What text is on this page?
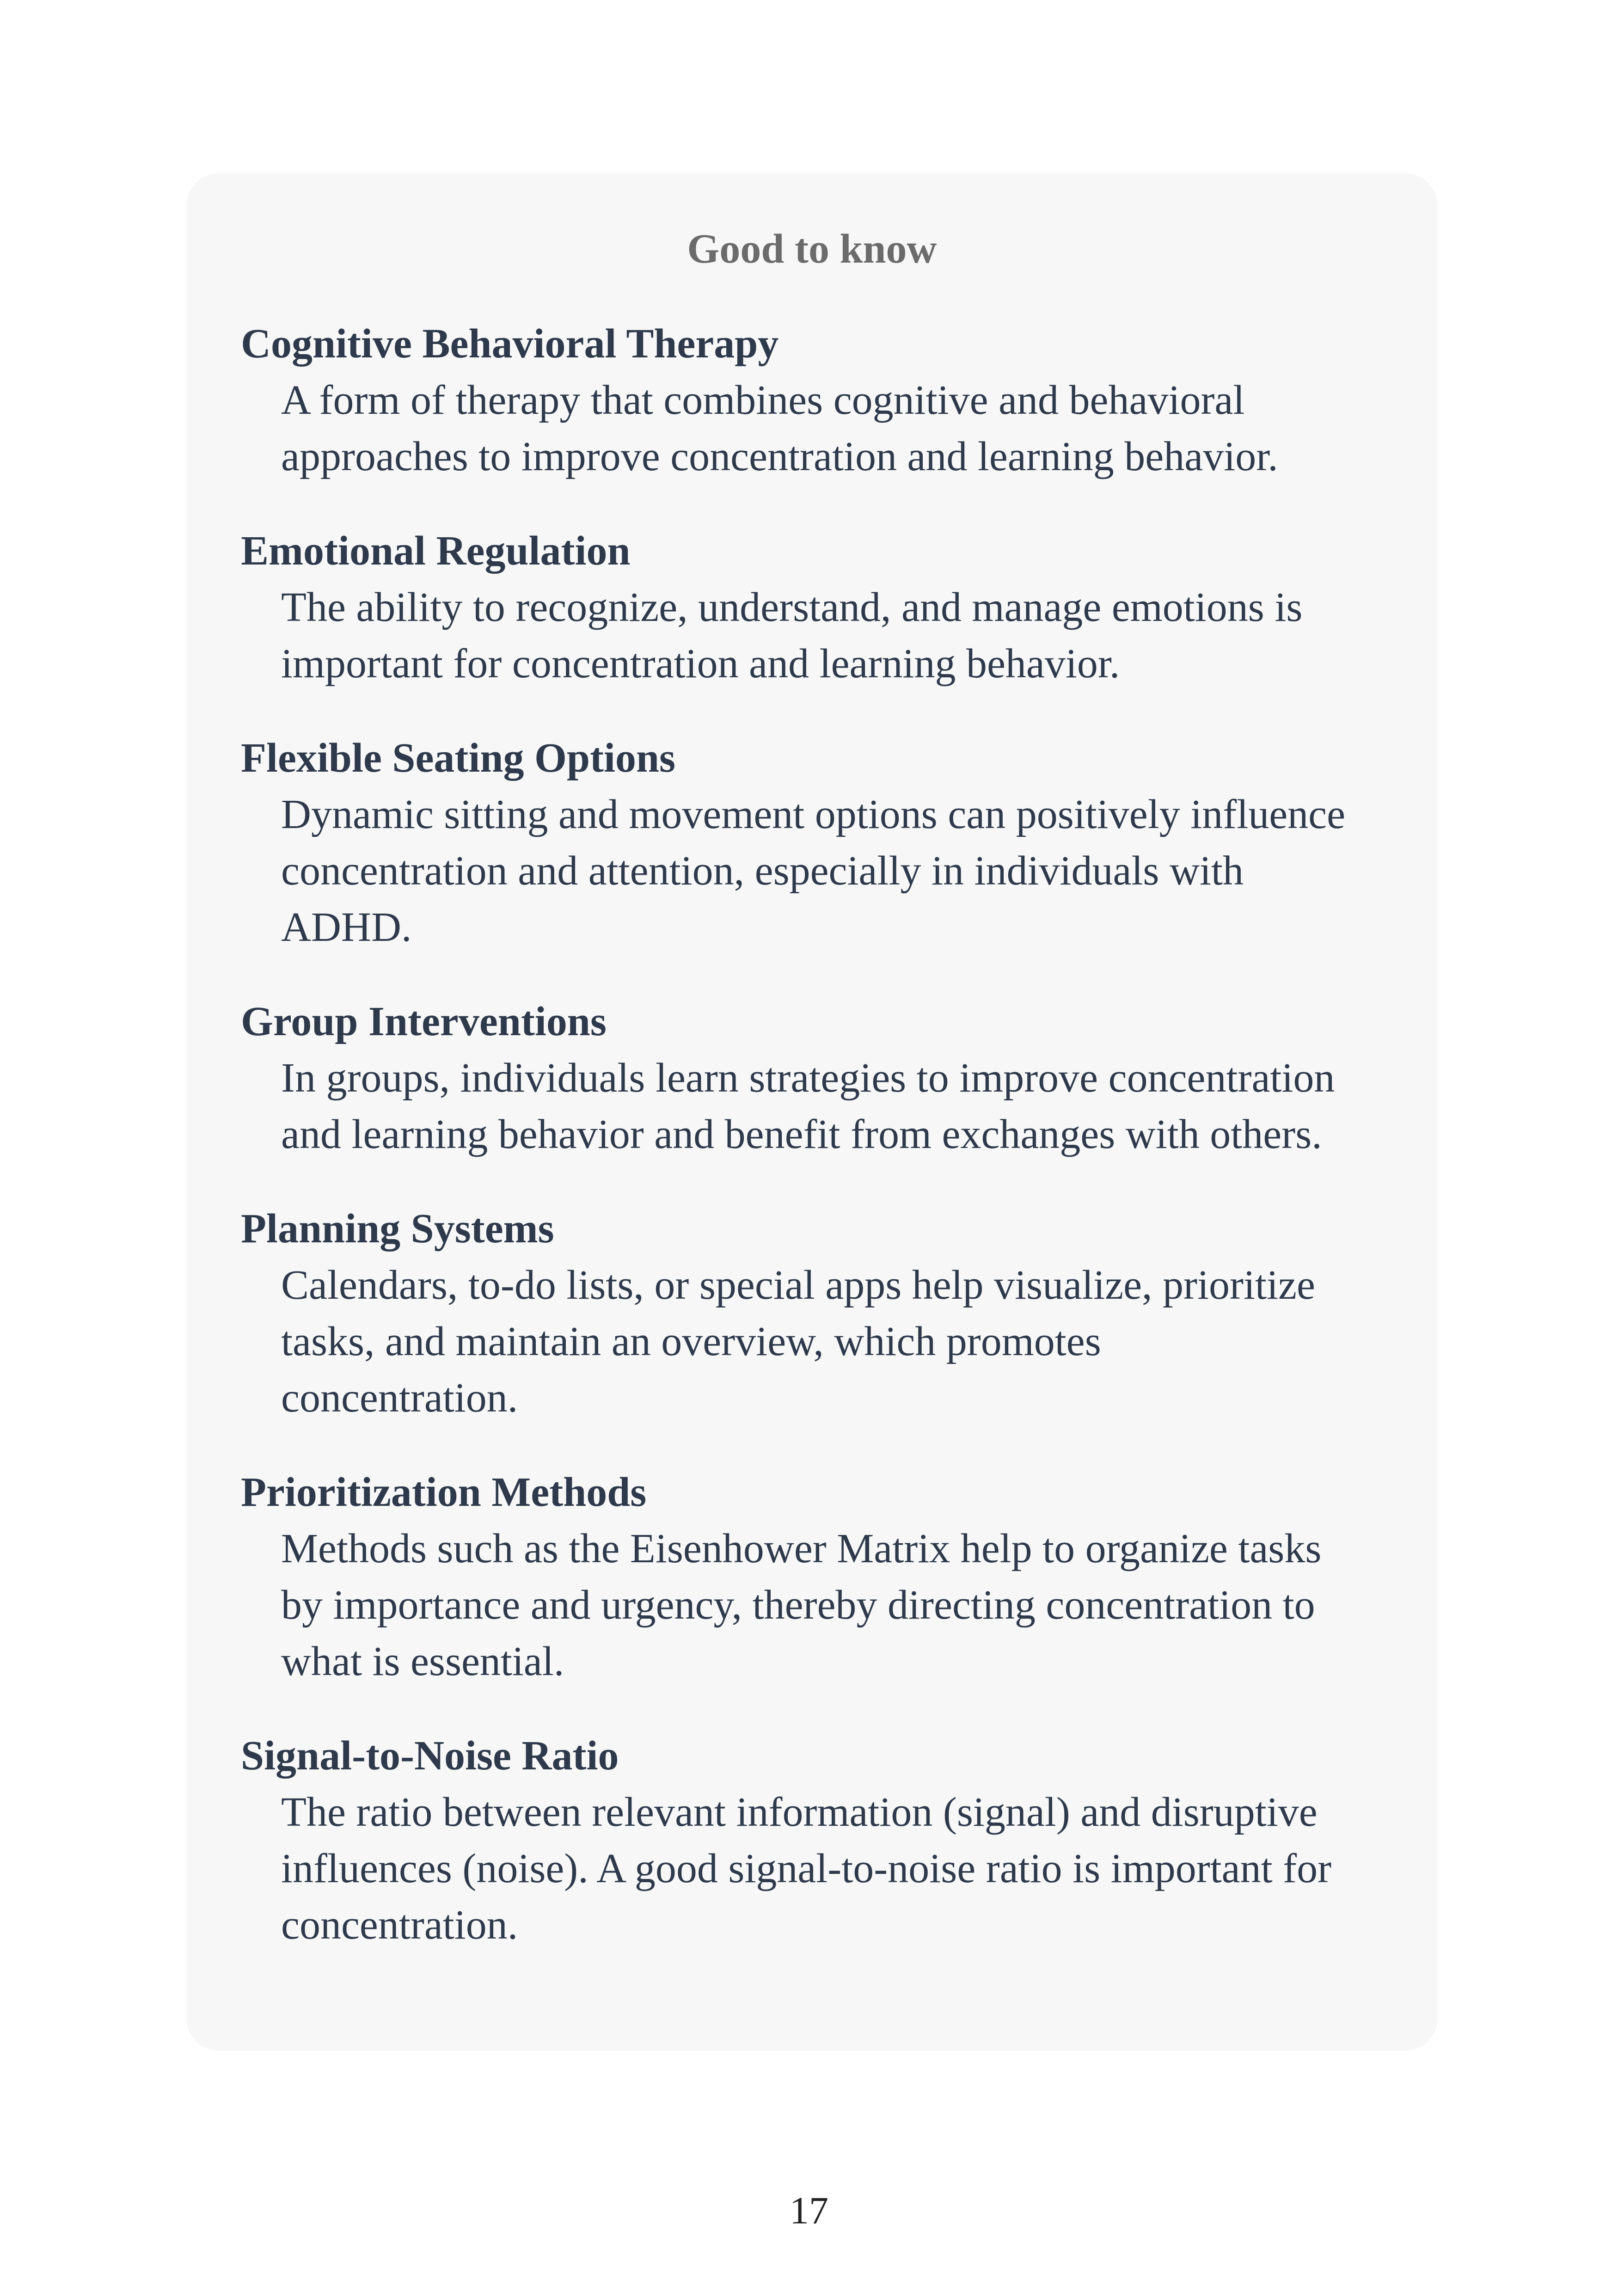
Good to know
Cognitive Behavioral Therapy
A form of therapy that combines cognitive and behavioral
approaches to improve concentration and learning behavior.
Emotional Regulation
The ability to recognize, understand, and manage emotions is
important for concentration and learning behavior.
Flexible Seating Options
Dynamic sitting and movement options can positively influence
concentration and attention, especially in individuals with
ADHD.
Group Interventions
In groups, individuals learn strategies to improve concentration
and learning behavior and benefit from exchanges with others.
Planning Systems
Calendars, to-do lists, or special apps help visualize, prioritize
tasks, and maintain an overview, which promotes
concentration.
Prioritization Methods
Methods such as the Eisenhower Matrix help to organize tasks
by importance and urgency, thereby directing concentration to
what is essential.
Signal-to-Noise Ratio
The ratio between relevant information (signal) and disruptive
influences (noise). A good signal-to-noise ratio is important for
concentration.
17
